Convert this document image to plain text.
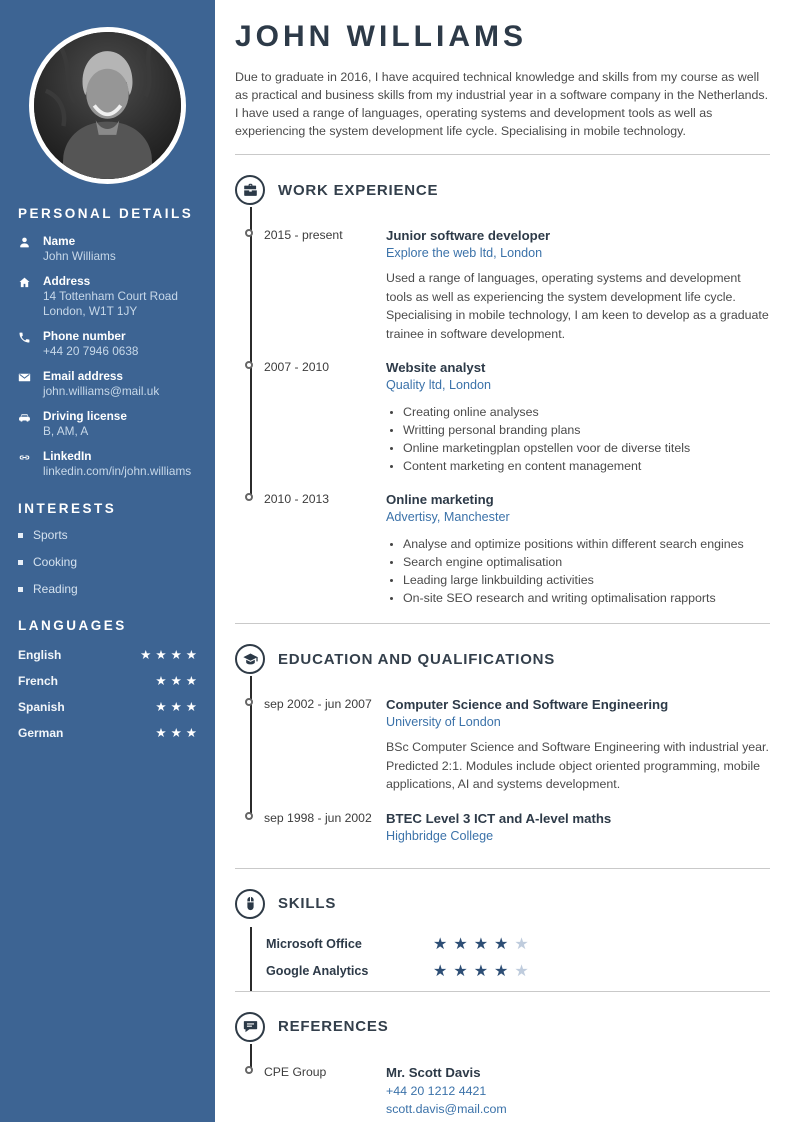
PERSONAL DETAILS
Name
John Williams
Address
14 Tottenham Court Road
London, W1T 1JY
Phone number
+44 20 7946 0638
Email address
john.williams@mail.uk
Driving license
B, AM, A
LinkedIn
linkedin.com/in/john.williams
INTERESTS
Sports
Cooking
Reading
LANGUAGES
English	★ ★ ★ ★
French	★ ★ ★
Spanish	★ ★ ★
German	★ ★ ★
JOHN WILLIAMS

Due to graduate in 2016, I have acquired technical knowledge and skills from my course as well as practical and business skills from my industrial year in a software company in the Netherlands. I have used a range of languages, operating systems and development tools as well as experiencing the system development life cycle. Specialising in mobile technology.

WORK EXPERIENCE
2015 - present	Junior software developer
Explore the web ltd, London
Used a range of languages, operating systems and development tools as well as experiencing the system development life cycle. Specialising in mobile technology, I am keen to develop as a graduate trainee in software development.
2007 - 2010	Website analyst
Quality ltd, London
• Creating online analyses
• Writting personal branding plans
• Online marketingplan opstellen voor de diverse titels
• Content marketing en content management
2010 - 2013	Online marketing
Advertisy, Manchester
• Analyse and optimize positions within different search engines
• Search engine optimalisation
• Leading large linkbuilding activities
• On-site SEO research and writing optimalisation rapports
EDUCATION AND QUALIFICATIONS
sep 2002 - jun 2007 Computer Science and Software Engineering
University of London
BSc Computer Science and Software Engineering with industrial year. Predicted 2:1. Modules include object oriented programming, mobile applications, AI and systems development.
sep 1998 - jun 2002 BTEC Level 3 ICT and A-level maths
Highbridge College
SKILLS
Microsoft Office	★ ★ ★ ★ ★
Google Analytics	★ ★ ★ ★ ★
REFERENCES
CPE Group	Mr. Scott Davis
+44 20 1212 4421
scott.davis@mail.com
